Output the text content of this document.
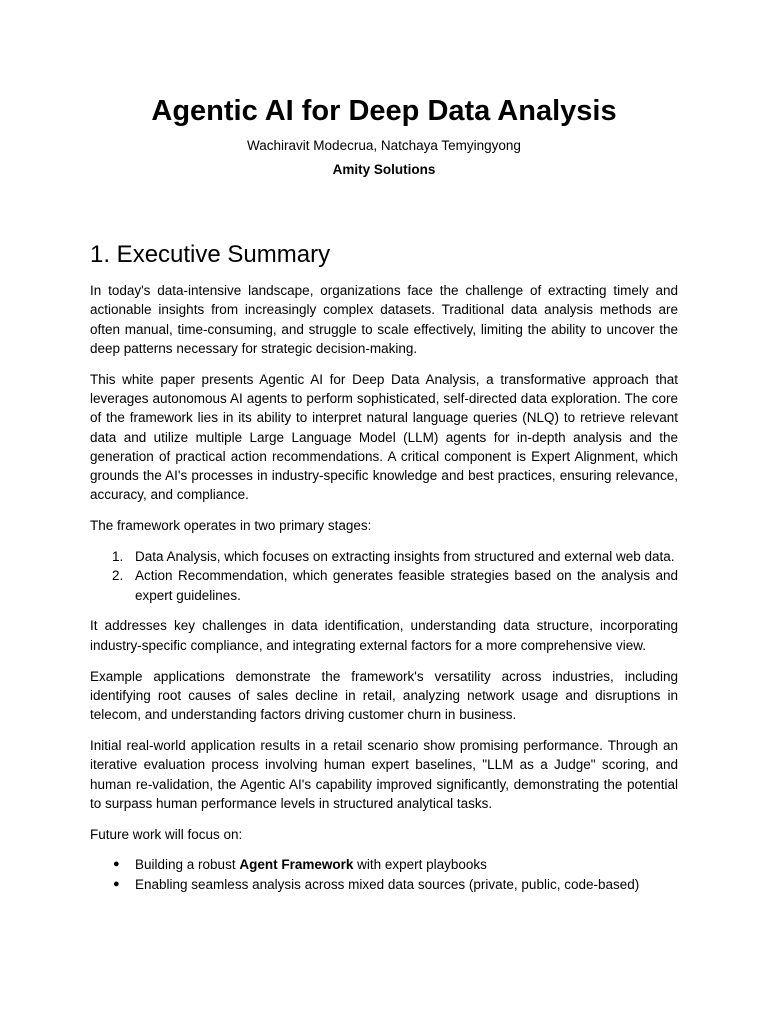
Agentic AI for Deep Data Analysis
Wachiravit Modecrua, Natchaya Temyingyong
Amity Solutions
1. Executive Summary

In today's data-intensive landscape, organizations face the challenge of extracting timely and actionable insights from increasingly complex datasets. Traditional data analysis methods are often manual, time-consuming, and struggle to scale effectively, limiting the ability to uncover the deep patterns necessary for strategic decision-making.

This white paper presents Agentic AI for Deep Data Analysis, a transformative approach that leverages autonomous AI agents to perform sophisticated, self-directed data exploration. The core of the framework lies in its ability to interpret natural language queries (NLQ) to retrieve relevant data and utilize multiple Large Language Model (LLM) agents for in-depth analysis and the generation of practical action recommendations. A critical component is Expert Alignment, which grounds the AI's processes in industry-specific knowledge and best practices, ensuring relevance, accuracy, and compliance.

The framework operates in two primary stages:

1. Data Analysis, which focuses on extracting insights from structured and external web data.
2. Action Recommendation, which generates feasible strategies based on the analysis and expert guidelines.

It addresses key challenges in data identification, understanding data structure, incorporating industry-specific compliance, and integrating external factors for a more comprehensive view.

Example applications demonstrate the framework's versatility across industries, including identifying root causes of sales decline in retail, analyzing network usage and disruptions in telecom, and understanding factors driving customer churn in business.

Initial real-world application results in a retail scenario show promising performance. Through an iterative evaluation process involving human expert baselines, "LLM as a Judge" scoring, and human re-validation, the Agentic AI's capability improved significantly, demonstrating the potential to surpass human performance levels in structured analytical tasks.

Future work will focus on:

● Building a robust Agent Framework with expert playbooks
● Enabling seamless analysis across mixed data sources (private, public, code-based)
